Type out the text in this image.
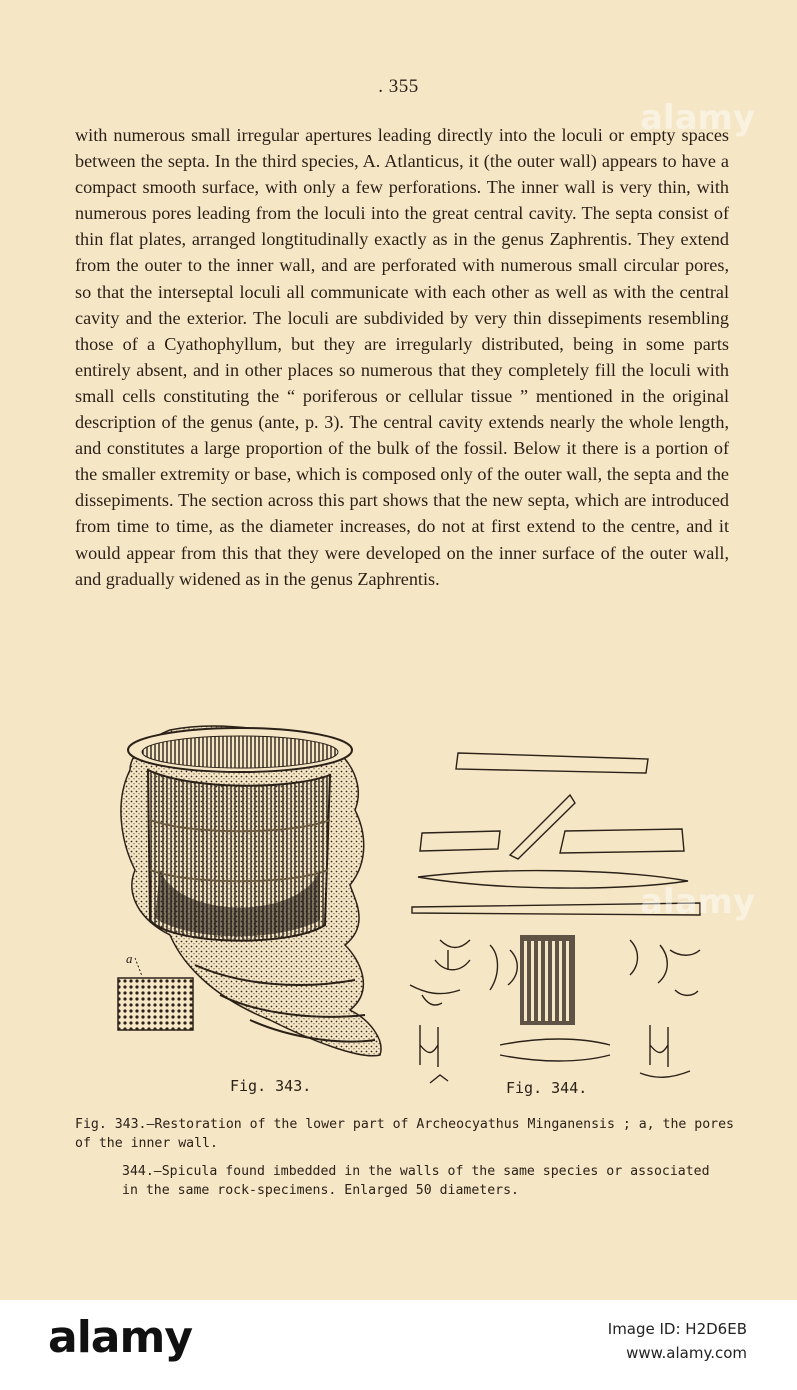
. 355

with numerous small irregular apertures leading directly into the loculi or empty spaces between the septa. In the third species, A. Atlanticus, it (the outer wall) appears to have a compact smooth surface, with only a few perforations. The inner wall is very thin, with numerous pores leading from the loculi into the great central cavity. The septa consist of thin flat plates, arranged longtitudinally exactly as in the genus Zaphrentis. They extend from the outer to the inner wall, and are perforated with numerous small circular pores, so that the interseptal loculi all communicate with each other as well as with the central cavity and the exterior. The loculi are subdivided by very thin dissepiments resembling those of a Cyathophyllum, but they are irregularly distributed, being in some parts entirely absent, and in other places so numerous that they completely fill the loculi with small cells constituting the “ poriferous or cellular tissue ” mentioned in the original description of the genus (ante, p. 3). The central cavity extends nearly the whole length, and constitutes a large proportion of the bulk of the fossil. Below it there is a portion of the smaller extremity or base, which is composed only of the outer wall, the septa and the dissepiments. The section across this part shows that the new septa, which are introduced from time to time, as the diameter increases, do not at first extend to the centre, and it would appear from this that they were developed on the inner surface of the outer wall, and gradually widened as in the genus Zaphrentis.

a
Fig. 343.	Fig. 344.
Fig. 343.—Restoration of the lower part of Archeocyathus Minganensis ; a, the pores of the inner wall.
344.—Spicula found imbedded in the walls of the same species or associated in the same rock-specimens. Enlarged 50 diameters.
alamy
alamy
alamy	Image ID: H2D6EB
www.alamy.com
